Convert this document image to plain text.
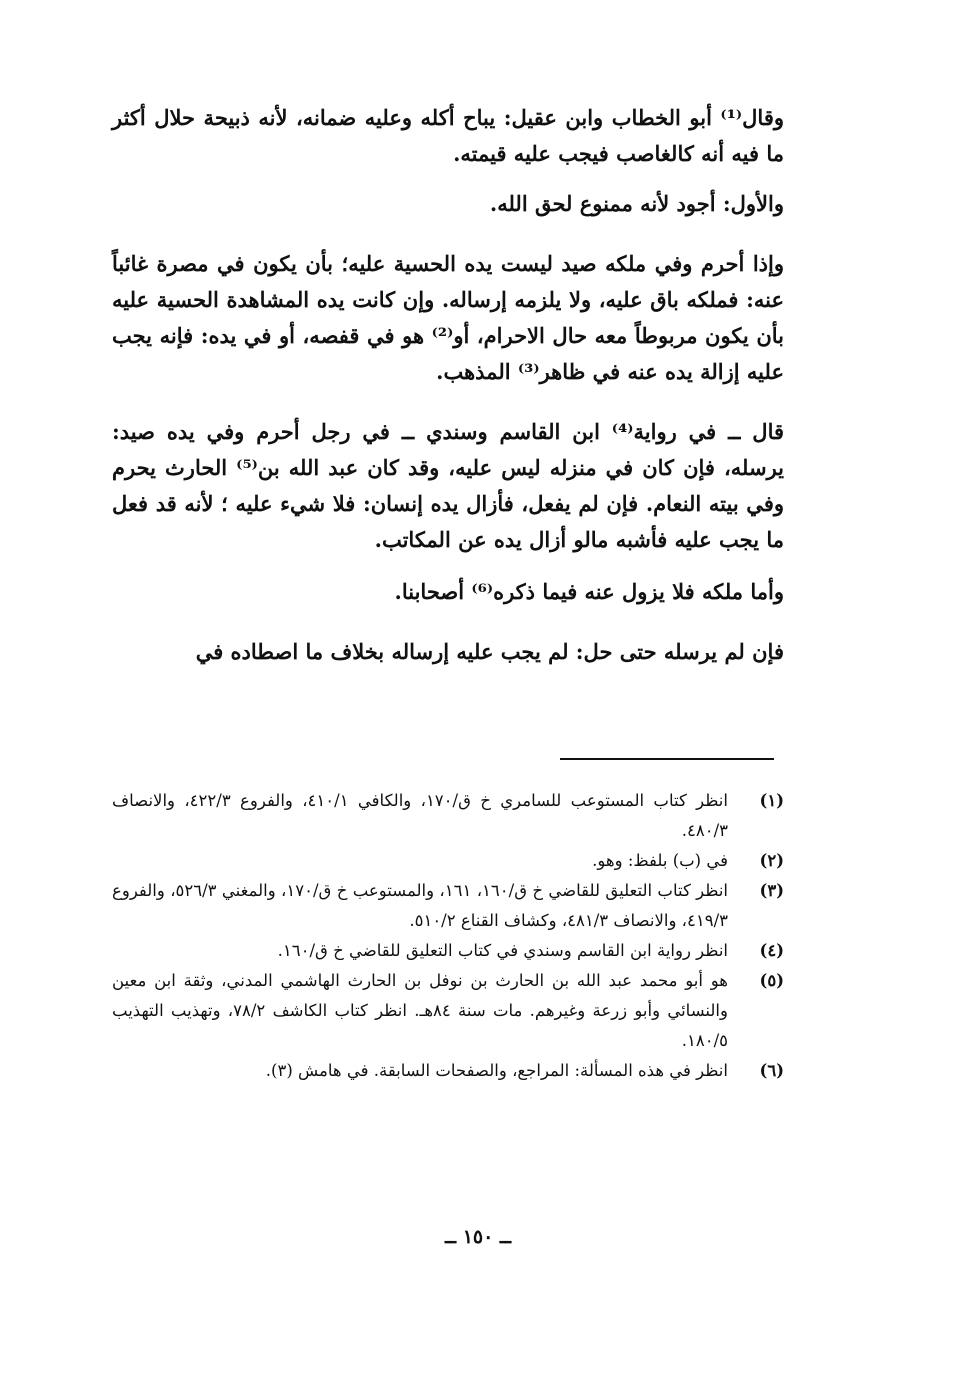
وقال⁽¹⁾ أبو الخطاب وابن عقيل: يباح أكله وعليه ضمانه، لأنه ذبيحة حلال أكثر ما فيه أنه كالغاصب فيجب عليه قيمته.

والأول: أجود لأنه ممنوع لحق الله.

وإذا أحرم وفي ملكه صيد ليست يده الحسية عليه؛ بأن يكون في مصرة غائباً عنه: فملكه باق عليه، ولا يلزمه إرساله. وإن كانت يده المشاهدة الحسية عليه بأن يكون مربوطاً معه حال الاحرام، أو⁽²⁾ هو في قفصه، أو في يده: فإنه يجب عليه إزالة يده عنه في ظاهر⁽³⁾ المذهب.

قال ــ في رواية⁽⁴⁾ ابن القاسم وسندي ــ في رجل أحرم وفي يده صيد: يرسله، فإن كان في منزله ليس عليه، وقد كان عبد الله بن⁽⁵⁾ الحارث يحرم وفي بيته النعام. فإن لم يفعل، فأزال يده إنسان: فلا شيء عليه ؛ لأنه قد فعل ما يجب عليه فأشبه مالو أزال يده عن المكاتب.

وأما ملكه فلا يزول عنه فيما ذكره⁽⁶⁾ أصحابنا.

فإن لم يرسله حتى حل: لم يجب عليه إرساله بخلاف ما اصطاده في

(١)
انظر كتاب المستوعب للسامري خ ق/١٧٠، والكافي ٤١٠/١، والفروع ٤٢٢/٣، والانصاف ٤٨٠/٣.
(٢)
في (ب) بلفظ: وهو.
(٣)
انظر كتاب التعليق للقاضي خ ق/١٦٠، ١٦١، والمستوعب خ ق/١٧٠، والمغني ٥٢٦/٣، والفروع ٤١٩/٣، والانصاف ٤٨١/٣، وكشاف القناع ٥١٠/٢.
(٤)
انظر رواية ابن القاسم وسندي في كتاب التعليق للقاضي خ ق/١٦٠.
(٥)
هو أبو محمد عبد الله بن الحارث بن نوفل بن الحارث الهاشمي المدني، وثقة ابن معين والنسائي وأبو زرعة وغيرهم. مات سنة ٨٤هـ. انظر كتاب الكاشف ٧٨/٢، وتهذيب التهذيب ١٨٠/٥.
(٦)
انظر في هذه المسألة: المراجع، والصفحات السابقة. في هامش (٣).
ــ ١٥٠ ــ
